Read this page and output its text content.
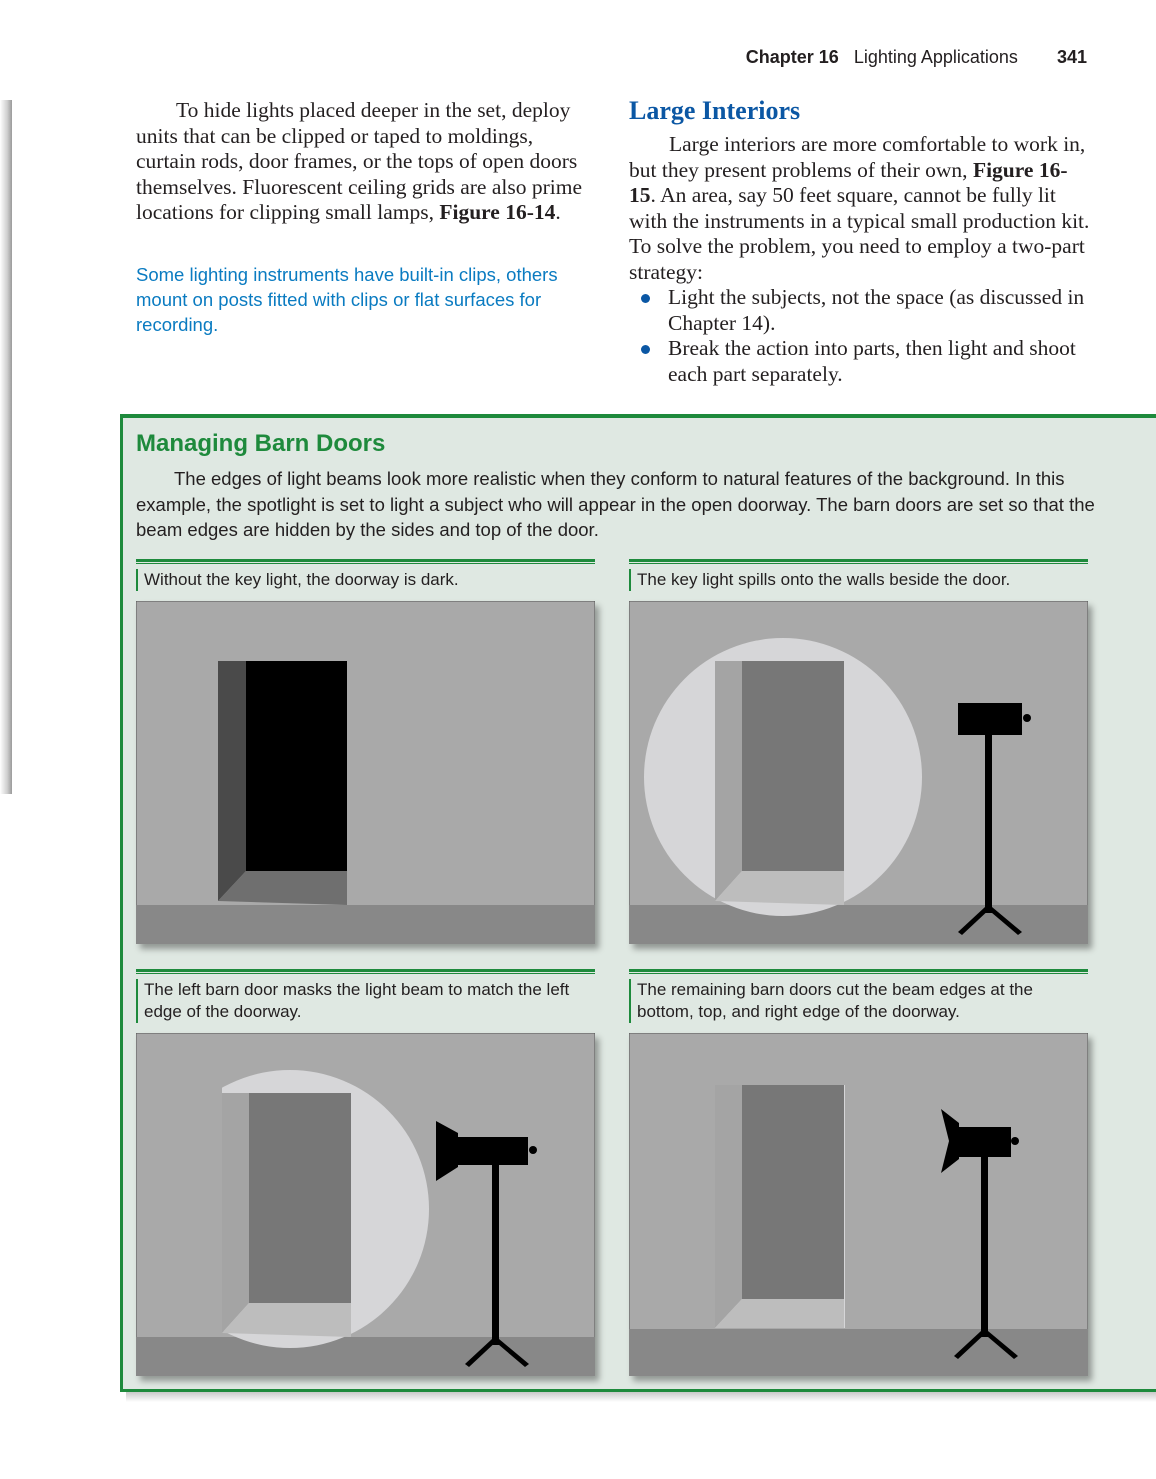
Chapter 16 Lighting Applications 341

To hide lights placed deeper in the set, deploy units that can be clipped or taped to moldings, curtain rods, door frames, or the tops of open doors themselves. Fluorescent ceiling grids are also prime locations for clipping small lamps, Figure 16-14.

Some lighting instruments have built-in clips, others mount on posts fitted with clips or flat surfaces for recording.
Large Interiors

Large interiors are more comfortable to work in, but they present problems of their own, Figure 16-15. An area, say 50 feet square, cannot be fully lit with the instruments in a typical small production kit. To solve the problem, you need to employ a two-part strategy:

Light the subjects, not the space (as discussed in Chapter 14).
Break the action into parts, then light and shoot each part separately.
Managing Barn Doors

The edges of light beams look more realistic when they conform to natural features of the background. In this example, the spotlight is set to light a subject who will appear in the open doorway. The barn doors are set so that the beam edges are hidden by the sides and top of the door.

Without the key light, the doorway is dark.	The key light spills onto the walls beside the door.
The left barn door masks the light beam to match the left edge of the doorway.
The remaining barn doors cut the beam edges at the bottom, top, and right edge of the doorway.
